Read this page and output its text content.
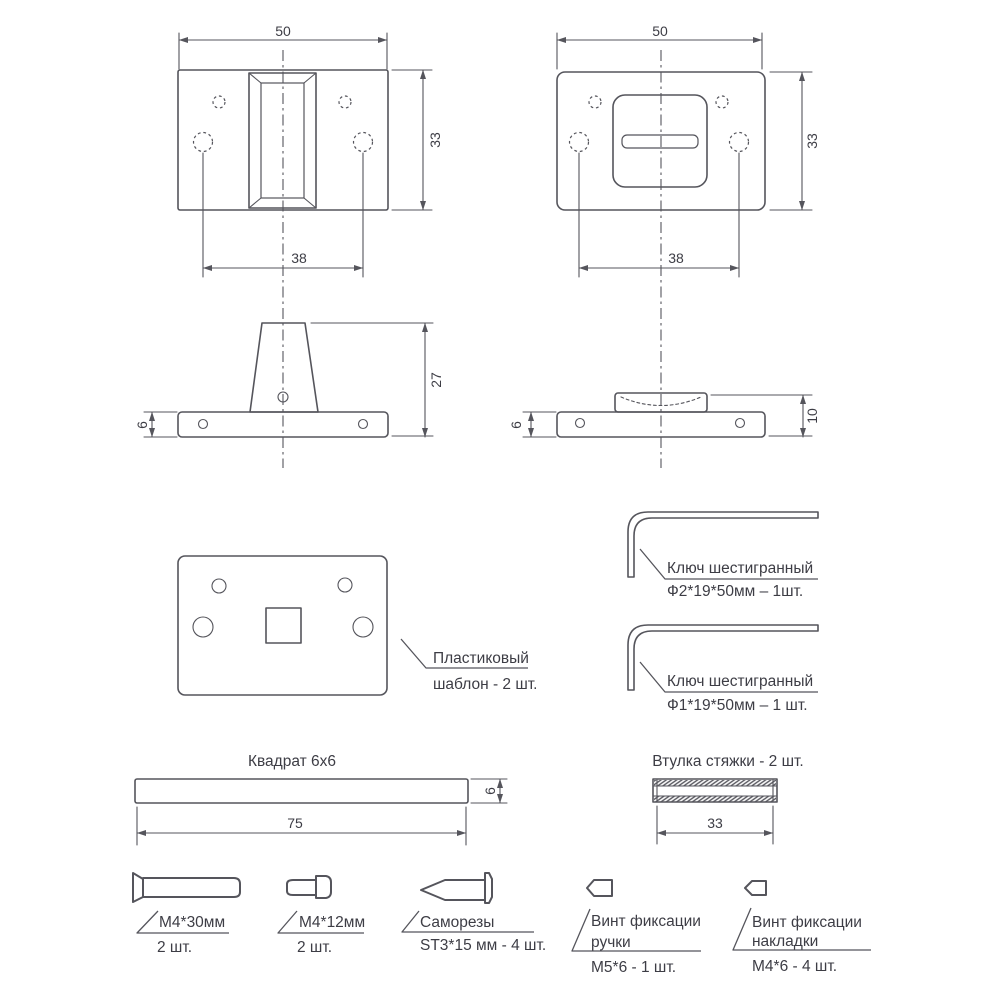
50
33
38
50
33
38
6
27
6
10
Пластиковый
шаблон - 2 шт.
Ключ шестигранный
Ф2*19*50мм – 1шт.
Ключ шестигранный
Ф1*19*50мм – 1 шт.
Квадрат 6х6
6
75
Втулка стяжки - 2 шт.
33
М4*30мм
2 шт.
М4*12мм
2 шт.
Саморезы
ST3*15 мм - 4 шт.
Винт фиксации
ручки
М5*6 - 1 шт.
Винт фиксации
накладки
М4*6 - 4 шт.
